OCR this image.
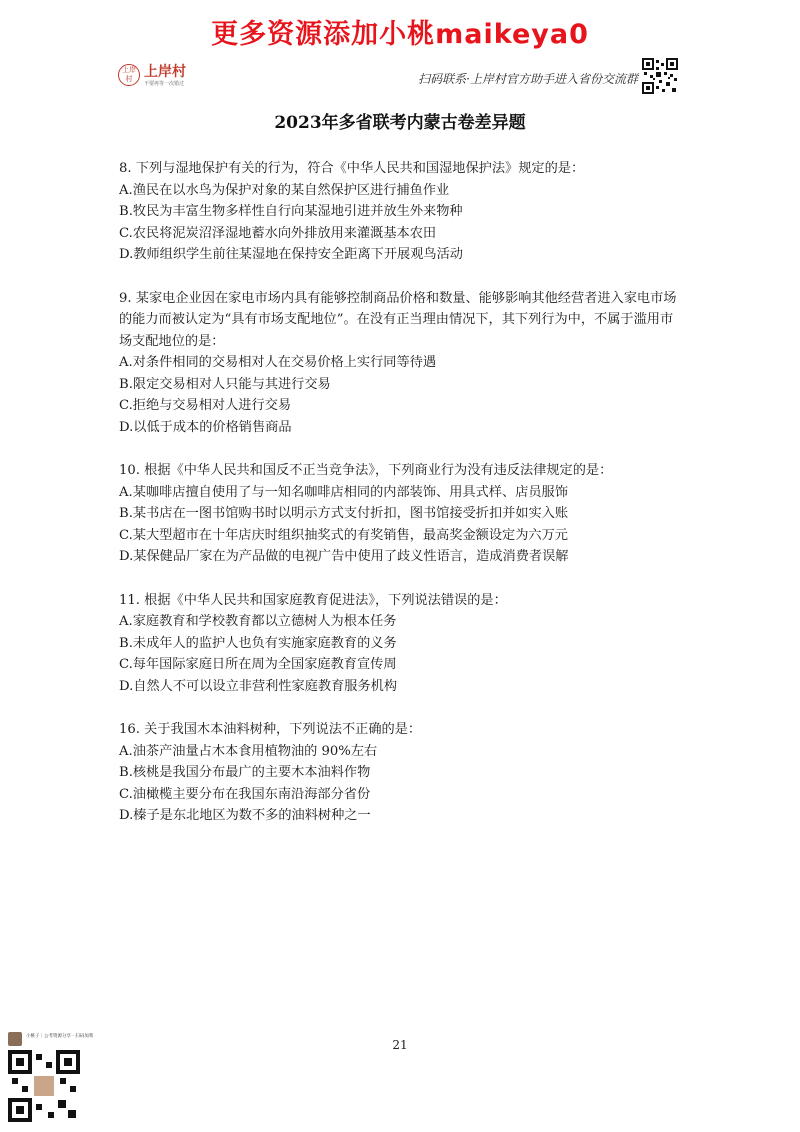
更多资源添加小桃maikeya0
上岸村 上岸村
不要再等一次错过	扫码联系·上岸村官方助手进入省份交流群
2023年多省联考内蒙古卷差异题

8. 下列与湿地保护有关的行为，符合《中华人民共和国湿地保护法》规定的是：

A.渔民在以水鸟为保护对象的某自然保护区进行捕鱼作业

B.牧民为丰富生物多样性自行向某湿地引进并放生外来物种

C.农民将泥炭沼泽湿地蓄水向外排放用来灌溉基本农田

D.教师组织学生前往某湿地在保持安全距离下开展观鸟活动

9. 某家电企业因在家电市场内具有能够控制商品价格和数量、能够影响其他经营者进入家电市场的能力而被认定为“具有市场支配地位”。在没有正当理由情况下，其下列行为中，不属于滥用市场支配地位的是：

A.对条件相同的交易相对人在交易价格上实行同等待遇

B.限定交易相对人只能与其进行交易

C.拒绝与交易相对人进行交易

D.以低于成本的价格销售商品

10. 根据《中华人民共和国反不正当竞争法》，下列商业行为没有违反法律规定的是：

A.某咖啡店擅自使用了与一知名咖啡店相同的内部装饰、用具式样、店员服饰

B.某书店在一图书馆购书时以明示方式支付折扣，图书馆接受折扣并如实入账

C.某大型超市在十年店庆时组织抽奖式的有奖销售，最高奖金额设定为六万元

D.某保健品厂家在为产品做的电视广告中使用了歧义性语言，造成消费者误解

11. 根据《中华人民共和国家庭教育促进法》，下列说法错误的是：

A.家庭教育和学校教育都以立德树人为根本任务

B.未成年人的监护人也负有实施家庭教育的义务

C.每年国际家庭日所在周为全国家庭教育宣传周

D.自然人不可以设立非营利性家庭教育服务机构

16. 关于我国木本油料树种，下列说法不正确的是：

A.油茶产油量占木本食用植物油的 90%左右

B.核桃是我国分布最广的主要木本油料作物

C.油橄榄主要分布在我国东南沿海部分省份

D.榛子是东北地区为数不多的油料树种之一

21
小桃子｜公考资源分享 · 扫码加我
